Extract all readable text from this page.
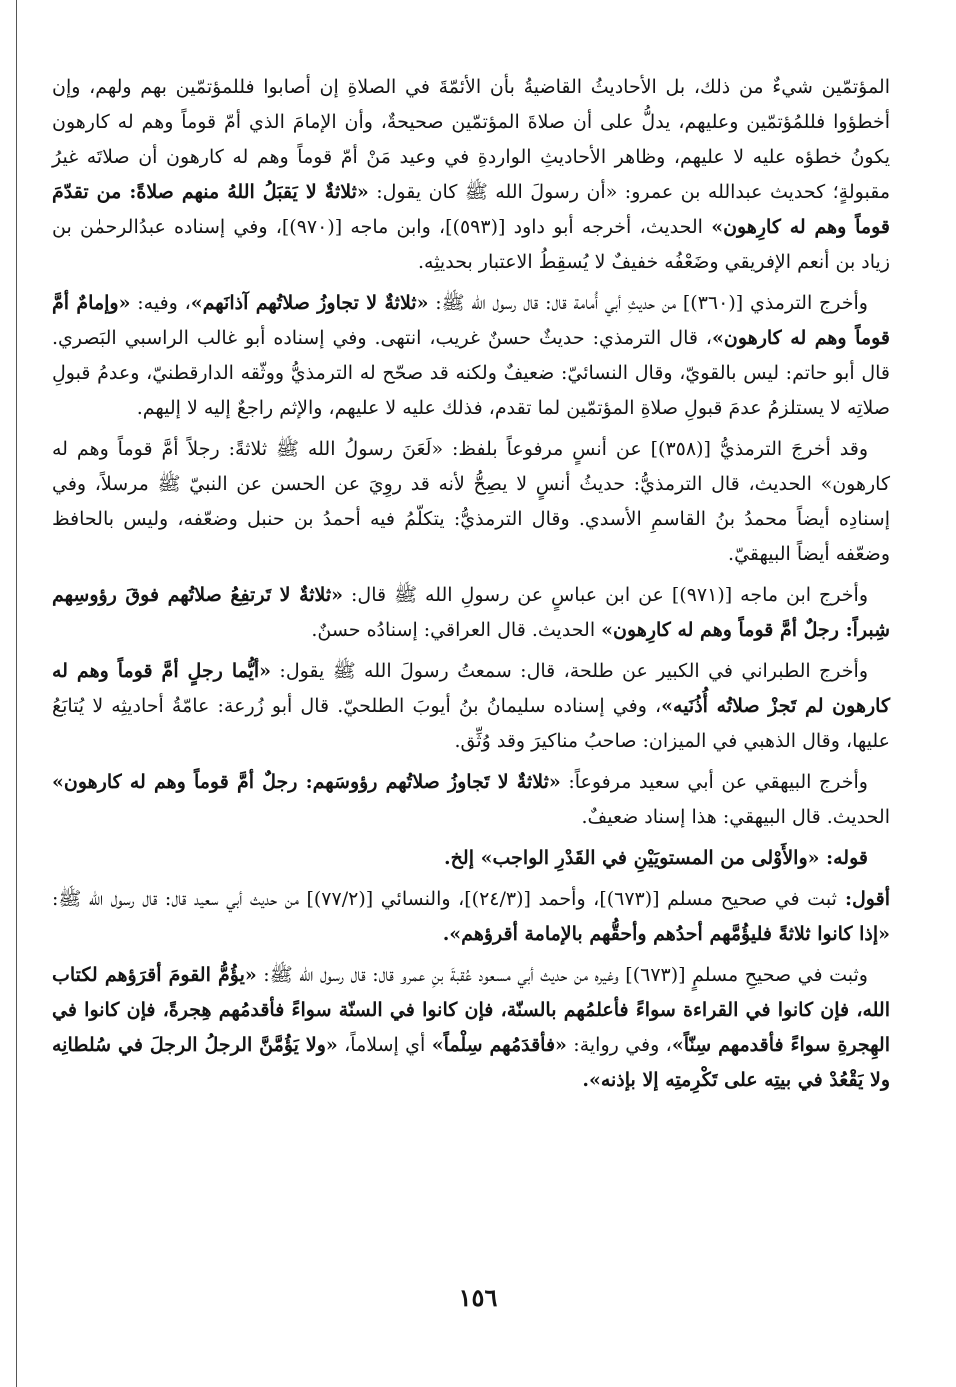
المؤتمّين شيءٌ من ذلك، بل الأحاديثُ القاضيةُ بأن الأئمّةَ في الصلاةِ إن أصابوا فللمؤتمّين بهم ولهم، وإن أخطؤوا فللمُؤتمّين وعليهم، يدلُّ على أن صلاةَ المؤتمّين صحيحةٌ، وأن الإمامَ الذي أمّ قوماً وهم له كارهون يكونُ خطؤه عليه لا عليهم، وظاهر الأحاديثِ الواردةِ في وعيد مَنْ أمّ قوماً وهم له كارهون أن صلاتَه غيرُ مقبولةٍ؛ كحديث عبدالله بن عمرو: «أن رسولَ الله ﷺ كان يقول: «ثلاثةٌ لا يَقبَلُ اللهُ منهم صلاةً: من تقدّمَ قوماً وهم له كارِهون» الحديث، أخرجه أبو داود [(٥٩٣)]، وابن ماجه [(٩٧٠)]، وفي إسناده عبدُالرحمٰن بن زياد بن أنعم الإفريقي وضَعْفُه خفيفٌ لا يُسقِطُ الاعتبار بحديثِه.

وأخرج الترمذي [(٣٦٠)] من حديثِ أبي أُمامة قال: قال رسول الله ﷺ: «ثلاثةٌ لا تجاوزُ صلاتُهم آذانَهم»، وفيه: «وإمامٌ أمَّ قوماً وهم له كارهون»، قال الترمذي: حديثٌ حسنٌ غريب، انتهى. وفي إسناده أبو غالب الراسبي البَصري. قال أبو حاتم: ليس بالقويّ، وقال النسائيّ: ضعيفٌ ولكنه قد صحّح له الترمذيُّ ووثّقه الدارقطنيّ، وعدمُ قبولِ صلاتِه لا يستلزمُ عدمَ قبولِ صلاةِ المؤتمّين لما تقدم، فذلك عليه لا عليهم، والإثم راجعٌ إليه لا إليهم.

وقد أخرجَ الترمذيُّ [(٣٥٨)] عن أنسٍ مرفوعاً بلفظ: «لَعَنَ رسولُ الله ﷺ ثلاثةً: رجلاً أمَّ قوماً وهم له كارهون» الحديث، قال الترمذيُّ: حديثُ أنسٍ لا يصِحُّ لأنه قد روِيَ عن الحسن عن النبيّ ﷺ مرسلاً، وفي إسنادِه أيضاً محمدُ بنُ القاسمِ الأسدي. وقال الترمذيُّ: يتكلّمُ فيه أحمدُ بن حنبل وضعّفه، وليس بالحافظ وضعّفه أيضاً البيهقيّ.

وأخرج ابن ماجه [(٩٧١)] عن ابن عباسٍ عن رسولِ الله ﷺ قال: «ثلاثةٌ لا تَرتفِعُ صلاتُهم فوقَ رؤوسِهم شِبراً: رجلٌ أمَّ قوماً وهم له كارِهون» الحديث. قال العراقي: إسنادُه حسنٌ.

وأخرج الطبراني في الكبير عن طلحة، قال: سمعتُ رسولَ الله ﷺ يقول: «أيُّما رجلٍ أمَّ قوماً وهم له كارهون لم تَجزْ صلاتُه أُذُنَيه»، وفي إسناده سليمانُ بنُ أيوبَ الطلحيّ. قال أبو زُرعة: عامّةُ أحاديثِه لا يُتابَعُ عليها، وقال الذهبي في الميزان: صاحبُ مناكيرَ وقد وُثِّق.

وأخرج البيهقي عن أبي سعيد مرفوعاً: «ثلاثةٌ لا تَجاوزُ صلاتُهم رؤوسَهم: رجلٌ أمَّ قوماً وهم له كارهون» الحديث. قال البيهقي: هذا إسناد ضعيفٌ.

قوله: «والأَوْلى من المستويَيْنِ في القَدْرِ الواجب» إلخ.

أقول: ثبت في صحيح مسلم [(٦٧٣)]، وأحمد [(٢٤/٣)]، والنسائي [(٧٧/٢)] من حديث أبي سعيد قال: قال رسول الله ﷺ: «إذا كانوا ثلاثةً فليؤُمَّهم أحدُهم وأحقُّهم بالإمامة أقرؤهم».

وثبت في صحيحِ مسلمٍ [(٦٧٣)] وغيره من حديث أبي مسعود عُقبةَ بنِ عمرو قال: قال رسول الله ﷺ: «يؤُمُّ القومَ أقرَؤهم لكتاب الله، فإن كانوا في القراءة سواءً فأعلمُهم بالسنّة، فإن كانوا في السنّة سواءً فأقدمُهم هِجرةً، فإن كانوا في الهِجرةِ سواءً فأقدمهم سِنّاً»، وفي رواية: «فأقدَمُهم سِلْماً» أي إسلاماً، «ولا يَؤُمَّنَّ الرجلُ الرجلَ في سُلطانِه ولا يَقْعُدْ في بيتِه على تَكْرِمتِه إلا بإذنه».

١٥٦
